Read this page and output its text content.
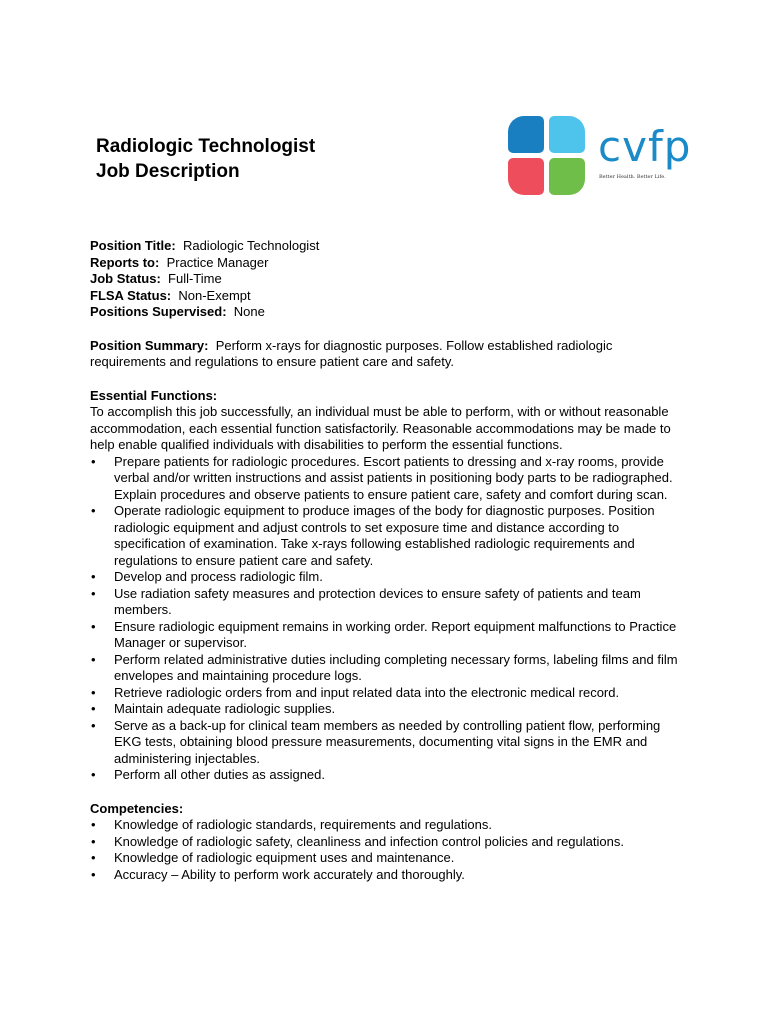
Radiologic Technologist
Job Description
cvfp
Better Health. Better Life.

Position Title: Radiologic Technologist

Reports to: Practice Manager

Job Status: Full-Time

FLSA Status: Non-Exempt

Positions Supervised: None

Position Summary: Perform x-rays for diagnostic purposes. Follow established radiologic requirements and regulations to ensure patient care and safety.

Essential Functions:

To accomplish this job successfully, an individual must be able to perform, with or without reasonable accommodation, each essential function satisfactorily. Reasonable accommodations may be made to help enable qualified individuals with disabilities to perform the essential functions.

• Prepare patients for radiologic procedures. Escort patients to dressing and x-ray rooms, provide verbal and/or written instructions and assist patients in positioning body parts to be radiographed. Explain procedures and observe patients to ensure patient care, safety and comfort during scan.
• Operate radiologic equipment to produce images of the body for diagnostic purposes. Position radiologic equipment and adjust controls to set exposure time and distance according to specification of examination. Take x-rays following established radiologic requirements and regulations to ensure patient care and safety.
• Develop and process radiologic film.
• Use radiation safety measures and protection devices to ensure safety of patients and team members.
• Ensure radiologic equipment remains in working order. Report equipment malfunctions to Practice Manager or supervisor.
• Perform related administrative duties including completing necessary forms, labeling films and film envelopes and maintaining procedure logs.
• Retrieve radiologic orders from and input related data into the electronic medical record.
• Maintain adequate radiologic supplies.
• Serve as a back-up for clinical team members as needed by controlling patient flow, performing EKG tests, obtaining blood pressure measurements, documenting vital signs in the EMR and administering injectables.
• Perform all other duties as assigned.

Competencies:

• Knowledge of radiologic standards, requirements and regulations.
• Knowledge of radiologic safety, cleanliness and infection control policies and regulations.
• Knowledge of radiologic equipment uses and maintenance.
• Accuracy – Ability to perform work accurately and thoroughly.
